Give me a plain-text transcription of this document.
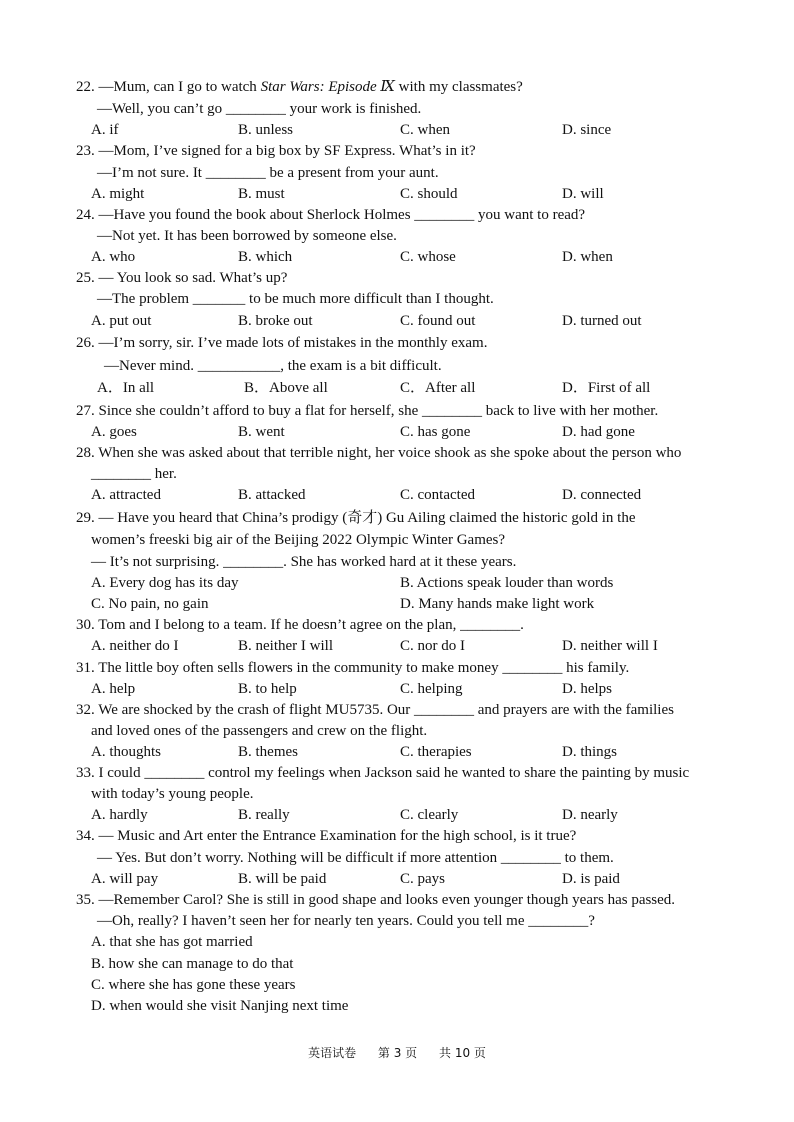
22. —Mum, can I go to watch Star Wars: Episode Ⅸ with my classmates?
—Well, you can’t go ________ your work is finished.
A. if	B. unless	C. when	D. since
23. —Mom, I’ve signed for a big box by SF Express. What’s in it?
—I’m not sure. It ________ be a present from your aunt.
A. might	B. must	C. should	D. will
24. —Have you found the book about Sherlock Holmes ________ you want to read?
—Not yet. It has been borrowed by someone else.
A. who	B. which	C. whose	D. when
25. — You look so sad. What’s up?
—The problem _______ to be much more difficult than I thought.
A. put out	B. broke out	C. found out	D. turned out
26. —I’m sorry, sir. I’ve made lots of mistakes in the monthly exam.
—Never mind. ___________, the exam is a bit difficult.
A．In all	B．Above all	C．After all	D．First of all
27. Since she couldn’t afford to buy a flat for herself, she ________ back to live with her mother.
A. goes	B. went	C. has gone	D. had gone
28. When she was asked about that terrible night, her voice shook as she spoke about the person who
________ her.
A. attracted	B. attacked	C. contacted	D. connected
29. — Have you heard that China’s prodigy (奇才) Gu Ailing claimed the historic gold in the
women’s freeski big air of the Beijing 2022 Olympic Winter Games?
— It’s not surprising. ________. She has worked hard at it these years.
A. Every dog has its day	B. Actions speak louder than words
C. No pain, no gain	D. Many hands make light work
30. Tom and I belong to a team. If he doesn’t agree on the plan, ________.
A. neither do I	B. neither I will	C. nor do I	D. neither will I
31. The little boy often sells flowers in the community to make money ________ his family.
A. help	B. to help	C. helping	D. helps
32. We are shocked by the crash of flight MU5735. Our ________ and prayers are with the families
and loved ones of the passengers and crew on the flight.
A. thoughts	B. themes	C. therapies	D. things
33. I could ________ control my feelings when Jackson said he wanted to share the painting by music
with today’s young people.
A. hardly	B. really	C. clearly	D. nearly
34. — Music and Art enter the Entrance Examination for the high school, is it true?
— Yes. But don’t worry. Nothing will be difficult if more attention ________ to them.
A. will pay	B. will be paid	C. pays	D. is paid
35. —Remember Carol? She is still in good shape and looks even younger though years has passed.
—Oh, really? I haven’t seen her for nearly ten years. Could you tell me ________?
A. that she has got married
B. how she can manage to do that
C. where she has gone these years
D. when would she visit Nanjing next time
英语试卷 第 3 页 共 10 页
